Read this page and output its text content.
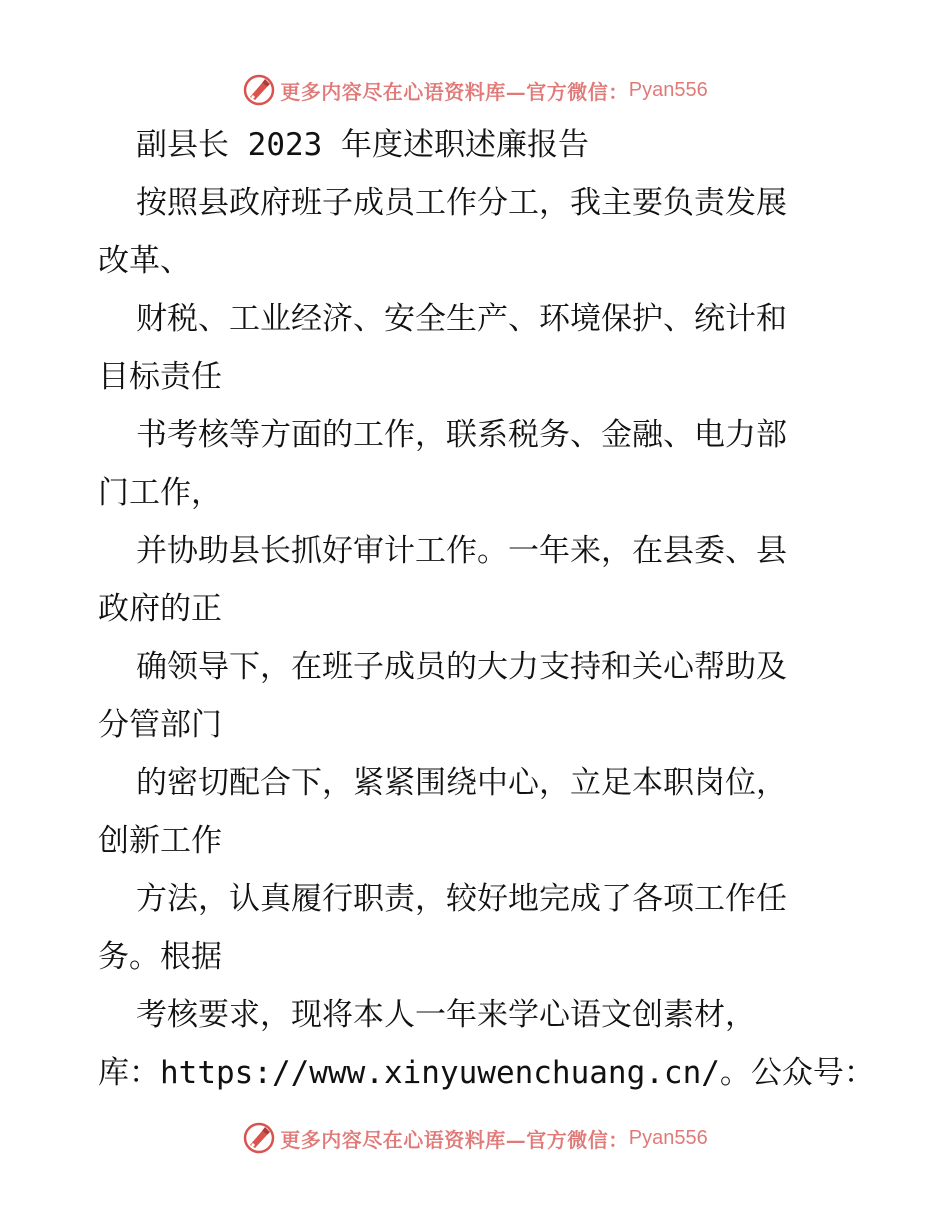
更多内容尽在心语资料库—官方微信： Pyan556
副县长 2023 年度述职述廉报告
按照县政府班子成员工作分工，我主要负责发展
改革、
财税、工业经济、安全生产、环境保护、统计和
目标责任
书考核等方面的工作，联系税务、金融、电力部
门工作，
并协助县长抓好审计工作。一年来，在县委、县
政府的正
确领导下，在班子成员的大力支持和关心帮助及
分管部门
的密切配合下，紧紧围绕中心，立足本职岗位，
创新工作
方法，认真履行职责，较好地完成了各项工作任
务。根据
考核要求，现将本人一年来学心语文创素材，
库：https://www.xinyuwenchuang.cn/。公众号：
更多内容尽在心语资料库—官方微信： Pyan556
